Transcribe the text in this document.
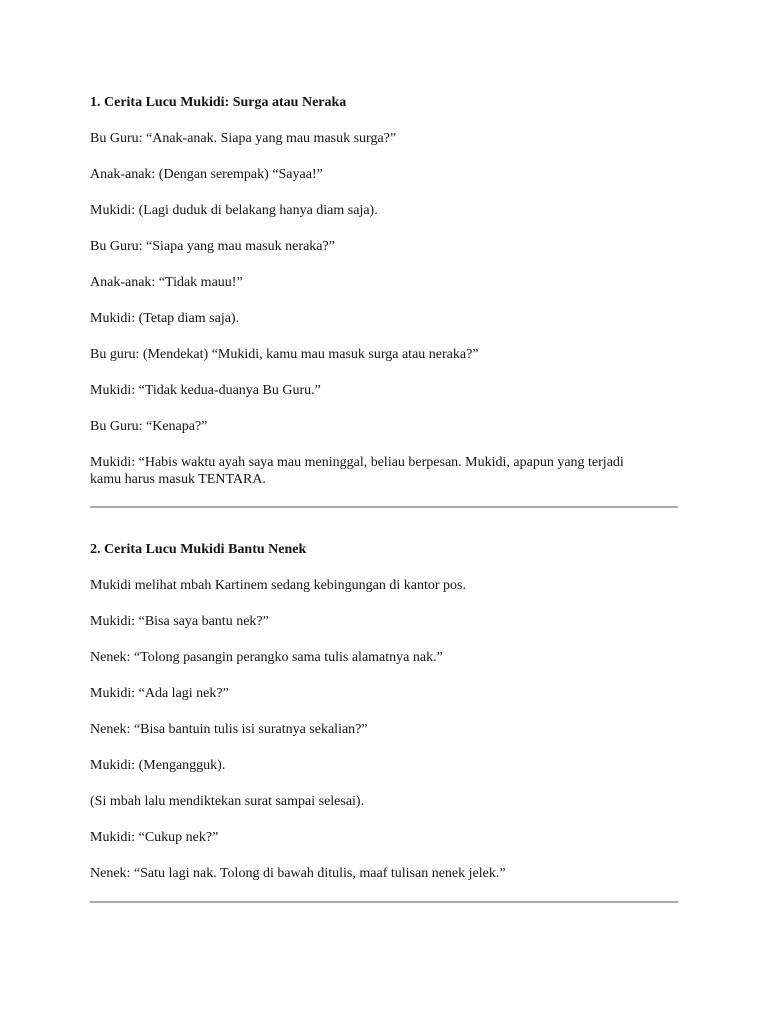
1. Cerita Lucu Mukidi: Surga atau Neraka

Bu Guru: “Anak-anak. Siapa yang mau masuk surga?”

Anak-anak: (Dengan serempak) “Sayaa!”

Mukidi: (Lagi duduk di belakang hanya diam saja).

Bu Guru: “Siapa yang mau masuk neraka?”

Anak-anak: “Tidak mauu!”

Mukidi: (Tetap diam saja).

Bu guru: (Mendekat) “Mukidi, kamu mau masuk surga atau neraka?”

Mukidi: “Tidak kedua-duanya Bu Guru.”

Bu Guru: “Kenapa?”

Mukidi: “Habis waktu ayah saya mau meninggal, beliau berpesan. Mukidi, apapun yang terjadi
kamu harus masuk TENTARA.

2. Cerita Lucu Mukidi Bantu Nenek

Mukidi melihat mbah Kartinem sedang kebingungan di kantor pos.

Mukidi: “Bisa saya bantu nek?”

Nenek: “Tolong pasangin perangko sama tulis alamatnya nak.”

Mukidi: “Ada lagi nek?”

Nenek: “Bisa bantuin tulis isi suratnya sekalian?”

Mukidi: (Mengangguk).

(Si mbah lalu mendiktekan surat sampai selesai).

Mukidi: “Cukup nek?”

Nenek: “Satu lagi nak. Tolong di bawah ditulis, maaf tulisan nenek jelek.”
